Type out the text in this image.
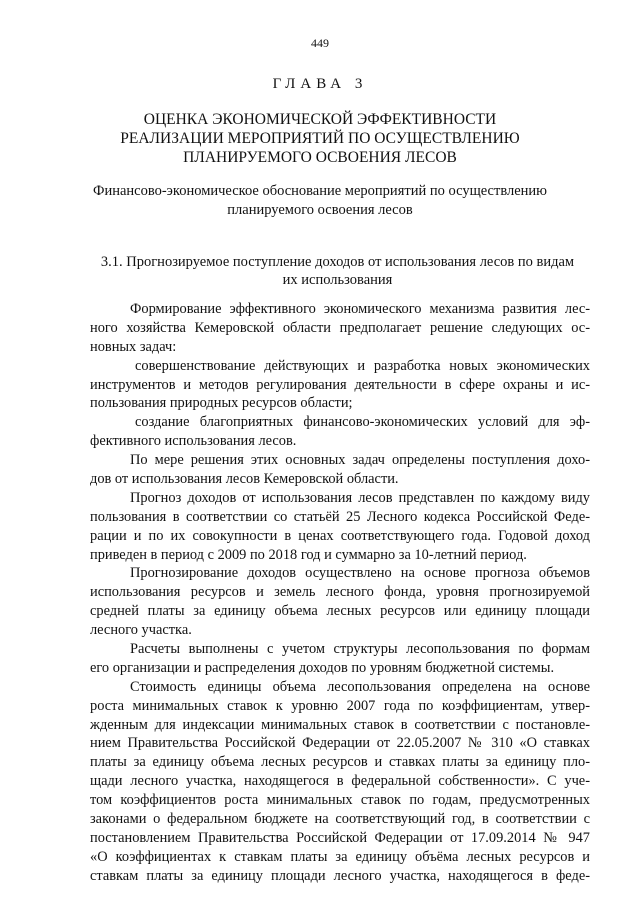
449
ГЛАВА 3
ОЦЕНКА ЭКОНОМИЧЕСКОЙ ЭФФЕКТИВНОСТИ
РЕАЛИЗАЦИИ МЕРОПРИЯТИЙ ПО ОСУЩЕСТВЛЕНИЮ
ПЛАНИРУЕМОГО ОСВОЕНИЯ ЛЕСОВ
Финансово-экономическое обоснование мероприятий по осуществлению
планируемого освоения лесов
3.1. Прогнозируемое поступление доходов от использования лесов по видам
их использования
Формирование эффективного экономического механизма развития лес-
ного хозяйства Кемеровской области предполагает решение следующих ос-
новных задач:
совершенствование действующих и разработка новых экономических
инструментов и методов регулирования деятельности в сфере охраны и ис-
пользования природных ресурсов области;
создание благоприятных финансово-экономических условий для эф-
фективного использования лесов.
По мере решения этих основных задач определены поступления дохо-
дов от использования лесов Кемеровской области.
Прогноз доходов от использования лесов представлен по каждому виду
пользования в соответствии со статьёй 25 Лесного кодекса Российской Феде-
рации и по их совокупности в ценах соответствующего года. Годовой доход
приведен в период с 2009 по 2018 год и суммарно за 10-летний период.
Прогнозирование доходов осуществлено на основе прогноза объемов
использования ресурсов и земель лесного фонда, уровня прогнозируемой
средней платы за единицу объема лесных ресурсов или единицу площади
лесного участка.
Расчеты выполнены с учетом структуры лесопользования по формам
его организации и распределения доходов по уровням бюджетной системы.
Стоимость единицы объема лесопользования определена на основе
роста минимальных ставок к уровню 2007 года по коэффициентам, утвер-
жденным для индексации минимальных ставок в соответствии с постановле-
нием Правительства Российской Федерации от 22.05.2007 № 310 «О ставках
платы за единицу объема лесных ресурсов и ставках платы за единицу пло-
щади лесного участка, находящегося в федеральной собственности». С уче-
том коэффициентов роста минимальных ставок по годам, предусмотренных
законами о федеральном бюджете на соответствующий год, в соответствии с
постановлением Правительства Российской Федерации от 17.09.2014 № 947
«О коэффициентах к ставкам платы за единицу объёма лесных ресурсов и
ставкам платы за единицу площади лесного участка, находящегося в феде-
